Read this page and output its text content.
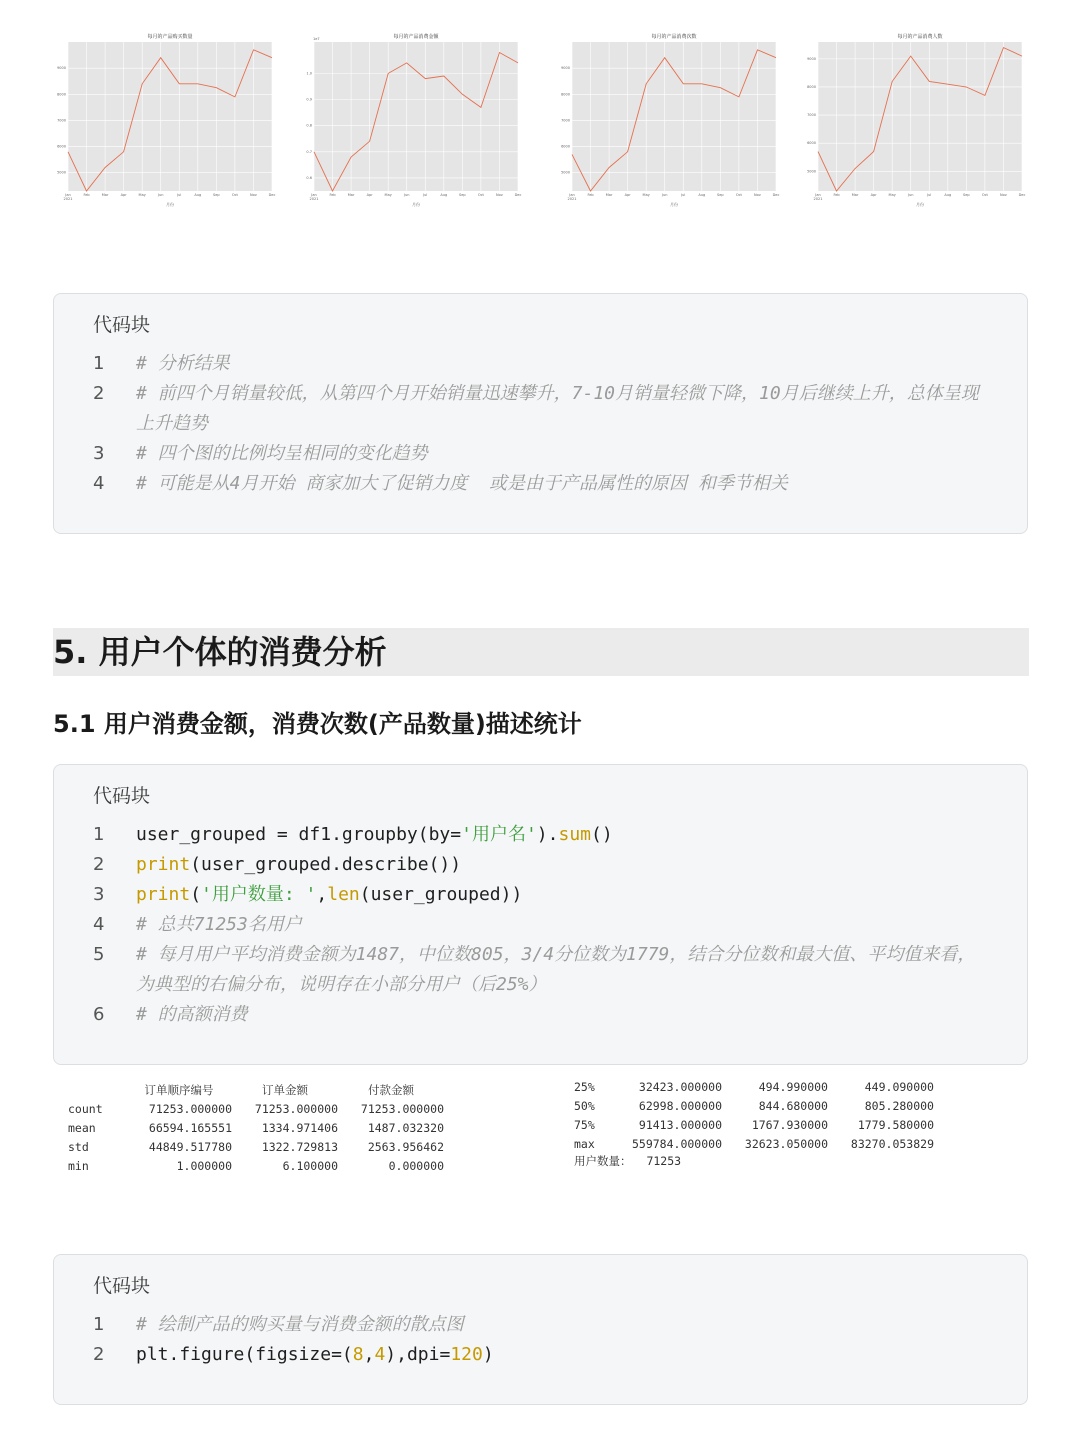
每月的产品购买数量
5000
6000
7000
8000
9000
Jan	Feb	Mar	Apr	May	Jun	Jul	Aug	Sep	Oct	Nov	Dec
2021
月份
每月的产品消费金额
1e7
0.6
0.7
0.8
0.9
1.0
Jan	Feb	Mar	Apr	May	Jun	Jul	Aug	Sep	Oct	Nov	Dec
2021
月份
每月的产品消费次数
5000
6000
7000
8000
9000
Jan	Feb	Mar	Apr	May	Jun	Jul	Aug	Sep	Oct	Nov	Dec
2021
月份
每月的产品消费人数
5000
6000
7000
8000
9000
Jan	Feb	Mar	Apr	May	Jun	Jul	Aug	Sep	Oct	Nov	Dec
2021
月份
代码块
1	# 分析结果
2	# 前四个月销量较低，从第四个月开始销量迅速攀升，7-10月销量轻微下降，10月后继续上升，总体呈现上升趋势
3	# 四个图的比例均呈相同的变化趋势
4	# 可能是从4月开始 商家加大了促销力度  或是由于产品属性的原因 和季节相关
5. 用户个体的消费分析
5.1 用户消费金额，消费次数(产品数量)描述统计
代码块
1	user_grouped = df1.groupby(by='用户名').sum()
2	print(user_grouped.describe())
3	print('用户数量: ',len(user_grouped))
4	# 总共71253名用户
5	# 每月用户平均消费金额为1487，中位数805，3/4分位数为1779，结合分位数和最大值、平均值来看，为典型的右偏分布，说明存在小部分用户（后25%）
6	# 的高额消费
	订单顺序编号	订单金额	付款金额
count	71253.000000	71253.000000	71253.000000
mean	66594.165551	1334.971406	1487.032320
std	44849.517780	1322.729813	2563.956462
min	1.000000	6.100000	0.000000
25%	32423.000000	494.990000	449.090000
50%	62998.000000	844.680000	805.280000
75%	91413.000000	1767.930000	1779.580000
max	559784.000000	32623.050000	83270.053829
用户数量： 71253
代码块
1	# 绘制产品的购买量与消费金额的散点图
2	plt.figure(figsize=(8,4),dpi=120)
